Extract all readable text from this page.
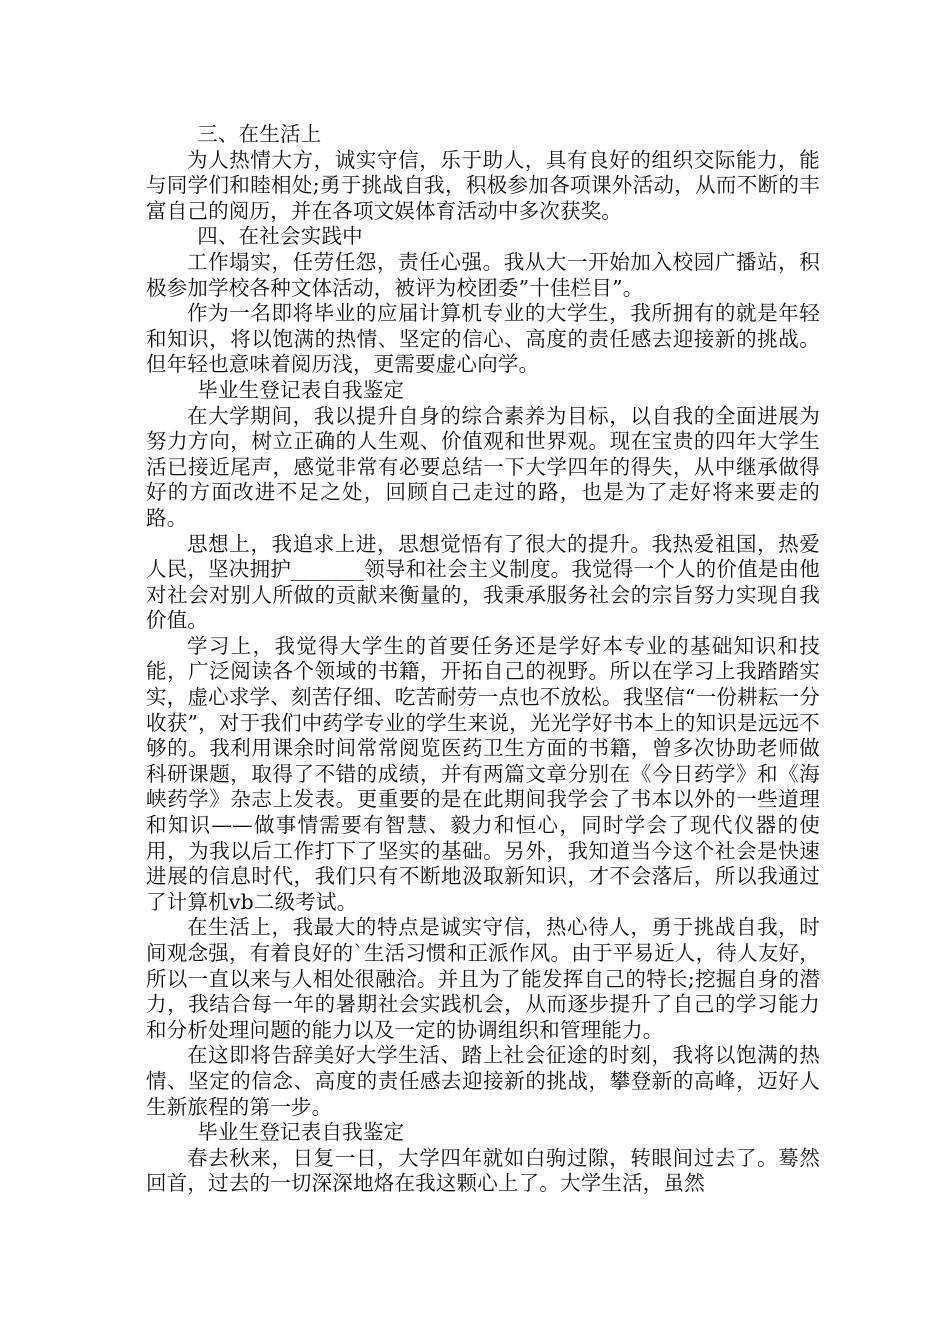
三、在生活上

为人热情大方，诚实守信，乐于助人，具有良好的组织交际能力，能与同学们和睦相处;勇于挑战自我，积极参加各项课外活动，从而不断的丰富自己的阅历，并在各项文娱体育活动中多次获奖。

四、在社会实践中

工作塌实，任劳任怨，责任心强。我从大一开始加入校园广播站，积极参加学校各种文体活动，被评为校团委”十佳栏目”。

作为一名即将毕业的应届计算机专业的大学生，我所拥有的就是年轻和知识，将以饱满的热情、坚定的信心、高度的责任感去迎接新的挑战。但年轻也意味着阅历浅，更需要虚心向学。

毕业生登记表自我鉴定

在大学期间，我以提升自身的综合素养为目标，以自我的全面进展为努力方向，树立正确的人生观、价值观和世界观。现在宝贵的四年大学生活已接近尾声，感觉非常有必要总结一下大学四年的得失，从中继承做得好的方面改进不足之处，回顾自己走过的路，也是为了走好将来要走的路。

思想上，我追求上进，思想觉悟有了很大的提升。我热爱祖国，热爱人民，坚决拥护_______领导和社会主义制度。我觉得一个人的价值是由他对社会对别人所做的贡献来衡量的，我秉承服务社会的宗旨努力实现自我价值。

学习上，我觉得大学生的首要任务还是学好本专业的基础知识和技能，广泛阅读各个领域的书籍，开拓自己的视野。所以在学习上我踏踏实实，虚心求学、刻苦仔细、吃苦耐劳一点也不放松。我坚信“一份耕耘一分收获”，对于我们中药学专业的学生来说，光光学好书本上的知识是远远不够的。我利用课余时间常常阅览医药卫生方面的书籍，曾多次协助老师做科研课题，取得了不错的成绩，并有两篇文章分别在《今日药学》和《海峡药学》杂志上发表。更重要的是在此期间我学会了书本以外的一些道理和知识——做事情需要有智慧、毅力和恒心，同时学会了现代仪器的使用，为我以后工作打下了坚实的基础。另外，我知道当今这个社会是快速进展的信息时代，我们只有不断地汲取新知识，才不会落后，所以我通过了计算机vb二级考试。

在生活上，我最大的特点是诚实守信，热心待人，勇于挑战自我，时间观念强，有着良好的`生活习惯和正派作风。由于平易近人，待人友好，所以一直以来与人相处很融洽。并且为了能发挥自己的特长;挖掘自身的潜力，我结合每一年的暑期社会实践机会，从而逐步提升了自己的学习能力和分析处理问题的能力以及一定的协调组织和管理能力。

在这即将告辞美好大学生活、踏上社会征途的时刻，我将以饱满的热情、坚定的信念、高度的责任感去迎接新的挑战，攀登新的高峰，迈好人生新旅程的第一步。

毕业生登记表自我鉴定

春去秋来，日复一日，大学四年就如白驹过隙，转眼间过去了。蓦然回首，过去的一切深深地烙在我这颗心上了。大学生活，虽然
